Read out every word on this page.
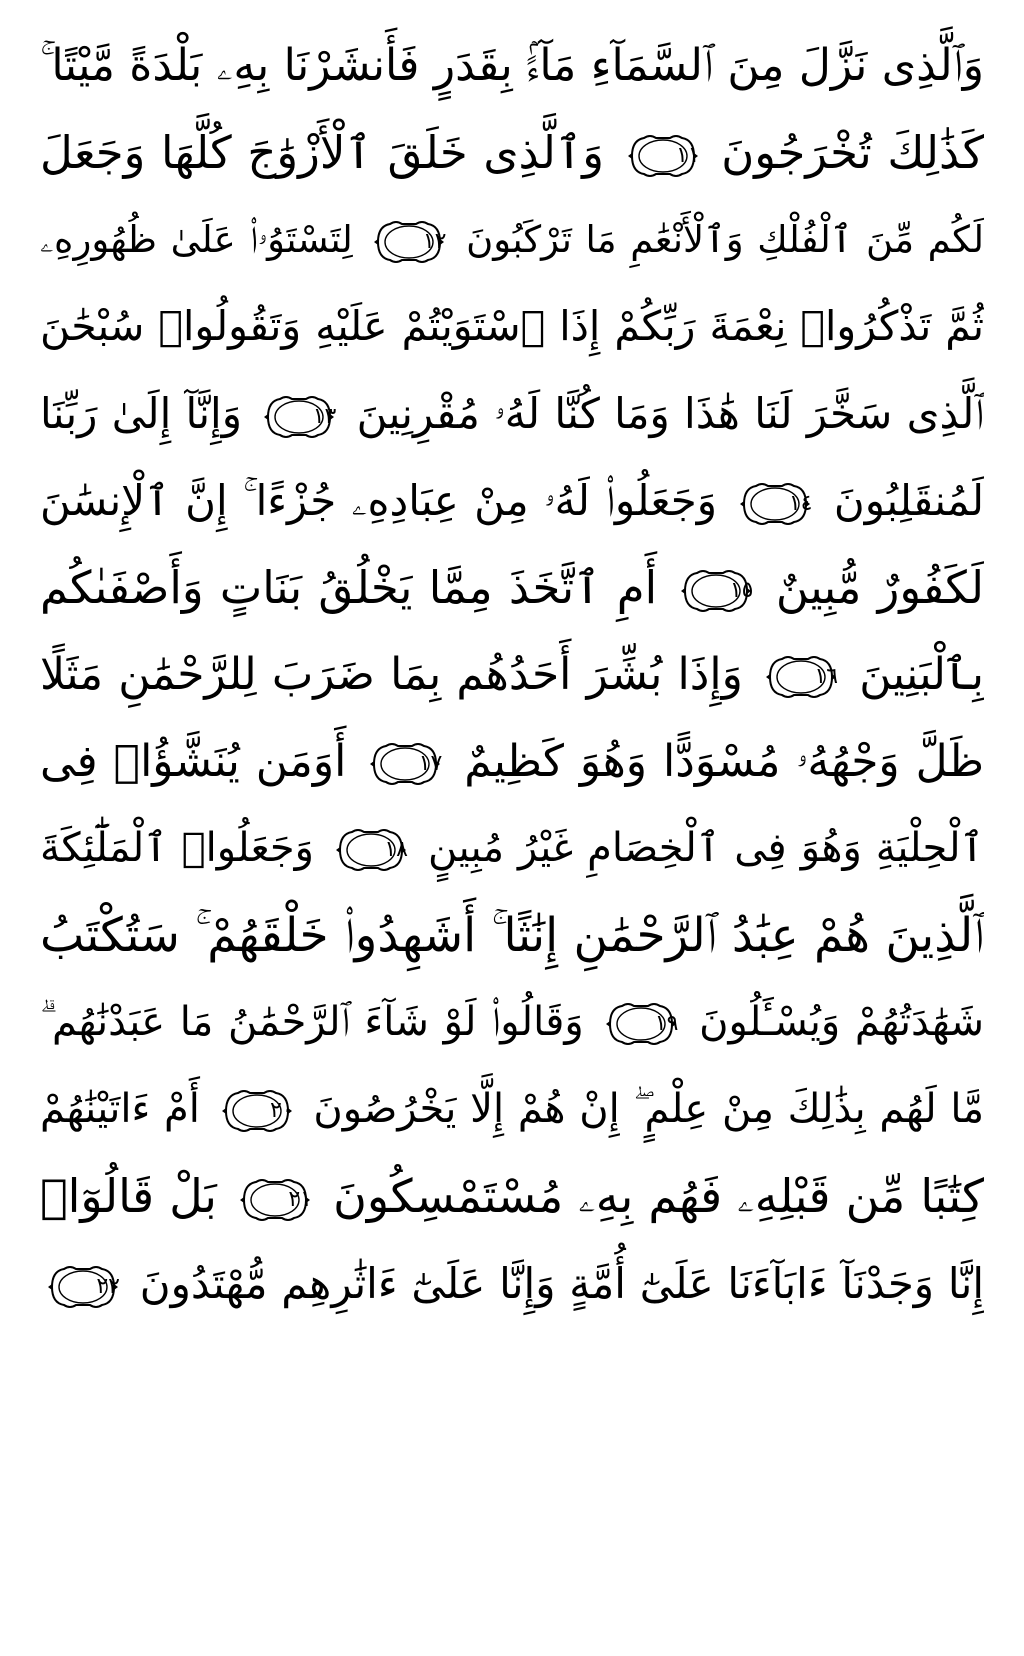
وَٱلَّذِى نَزَّلَ مِنَ ٱلسَّمَآءِ مَآءًۢ بِقَدَرٍ فَأَنشَرْنَا بِهِۦ بَلْدَةً مَّيْتًا ۚ
كَذَٰلِكَ تُخْرَجُونَ
١١
وَٱلَّذِى خَلَقَ ٱلْأَزْوَٰجَ كُلَّهَا وَجَعَلَ
لَكُم مِّنَ ٱلْفُلْكِ وَٱلْأَنْعَٰمِ مَا تَرْكَبُونَ
١٢
لِتَسْتَوُۥا۟ عَلَىٰ ظُهُورِهِۦ
ثُمَّ تَذْكُرُوا۟ نِعْمَةَ رَبِّكُمْ إِذَا ٱسْتَوَيْتُمْ عَلَيْهِ وَتَقُولُوا۟ سُبْحَٰنَ
ٱلَّذِى سَخَّرَ لَنَا هَٰذَا وَمَا كُنَّا لَهُۥ مُقْرِنِينَ
١٣
وَإِنَّآ إِلَىٰ رَبِّنَا
لَمُنقَلِبُونَ
١٤
وَجَعَلُوا۟ لَهُۥ مِنْ عِبَادِهِۦ جُزْءًا ۚ إِنَّ ٱلْإِنسَٰنَ
لَكَفُورٌ مُّبِينٌ
١٥
أَمِ ٱتَّخَذَ مِمَّا يَخْلُقُ بَنَاتٍ وَأَصْفَىٰكُم
بِٱلْبَنِينَ
١٦
وَإِذَا بُشِّرَ أَحَدُهُم بِمَا ضَرَبَ لِلرَّحْمَٰنِ مَثَلًا
ظَلَّ وَجْهُهُۥ مُسْوَدًّا وَهُوَ كَظِيمٌ
١٧
أَوَمَن يُنَشَّؤُا۟ فِى
ٱلْحِلْيَةِ وَهُوَ فِى ٱلْخِصَامِ غَيْرُ مُبِينٍ
١٨
وَجَعَلُوا۟ ٱلْمَلَٰٓئِكَةَ
ٱلَّذِينَ هُمْ عِبَٰدُ ٱلرَّحْمَٰنِ إِنَٰثًا ۚ أَشَهِدُوا۟ خَلْقَهُمْ ۚ سَتُكْتَبُ
شَهَٰدَتُهُمْ وَيُسْـَٔلُونَ
١٩
وَقَالُوا۟ لَوْ شَآءَ ٱلرَّحْمَٰنُ مَا عَبَدْنَٰهُم ۗ
مَّا لَهُم بِذَٰلِكَ مِنْ عِلْمٍ ۖ إِنْ هُمْ إِلَّا يَخْرُصُونَ
٢٠
أَمْ ءَاتَيْنَٰهُمْ
كِتَٰبًا مِّن قَبْلِهِۦ فَهُم بِهِۦ مُسْتَمْسِكُونَ
٢١
بَلْ قَالُوٓا۟
إِنَّا وَجَدْنَآ ءَابَآءَنَا عَلَىٰٓ أُمَّةٍ وَإِنَّا عَلَىٰٓ ءَاثَٰرِهِم مُّهْتَدُونَ
٢٢
